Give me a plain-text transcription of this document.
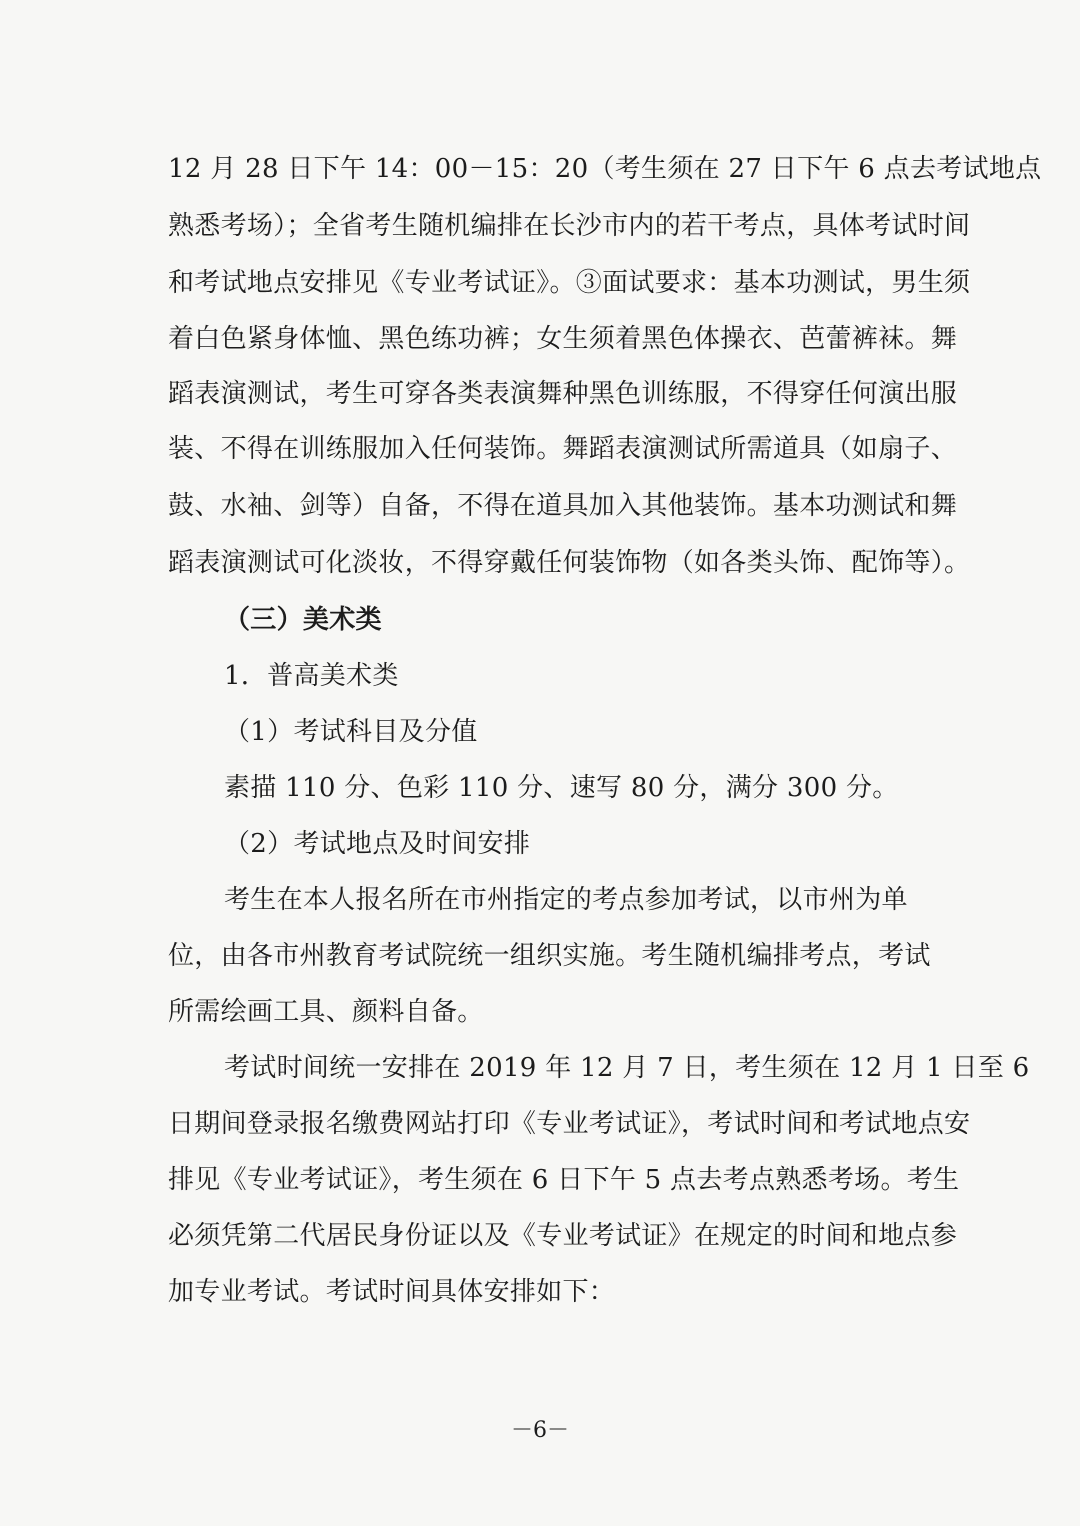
12 月 28 日下午 14：00－15：20（考生须在 27 日下午 6 点去考试地点
熟悉考场）；全省考生随机编排在长沙市内的若干考点，具体考试时间
和考试地点安排见《专业考试证》。③面试要求：基本功测试，男生须
着白色紧身体恤、黑色练功裤；女生须着黑色体操衣、芭蕾裤袜。舞
蹈表演测试，考生可穿各类表演舞种黑色训练服，不得穿任何演出服
装、不得在训练服加入任何装饰。舞蹈表演测试所需道具（如扇子、
鼓、水袖、剑等）自备，不得在道具加入其他装饰。基本功测试和舞
蹈表演测试可化淡妆，不得穿戴任何装饰物（如各类头饰、配饰等）。
（三）美术类
1．普高美术类
（1）考试科目及分值
素描 110 分、色彩 110 分、速写 80 分，满分 300 分。
（2）考试地点及时间安排
考生在本人报名所在市州指定的考点参加考试，以市州为单
位，由各市州教育考试院统一组织实施。考生随机编排考点，考试
所需绘画工具、颜料自备。
考试时间统一安排在 2019 年 12 月 7 日，考生须在 12 月 1 日至 6
日期间登录报名缴费网站打印《专业考试证》，考试时间和考试地点安
排见《专业考试证》，考生须在 6 日下午 5 点去考点熟悉考场。考生
必须凭第二代居民身份证以及《专业考试证》在规定的时间和地点参
加专业考试。考试时间具体安排如下：
－6－
